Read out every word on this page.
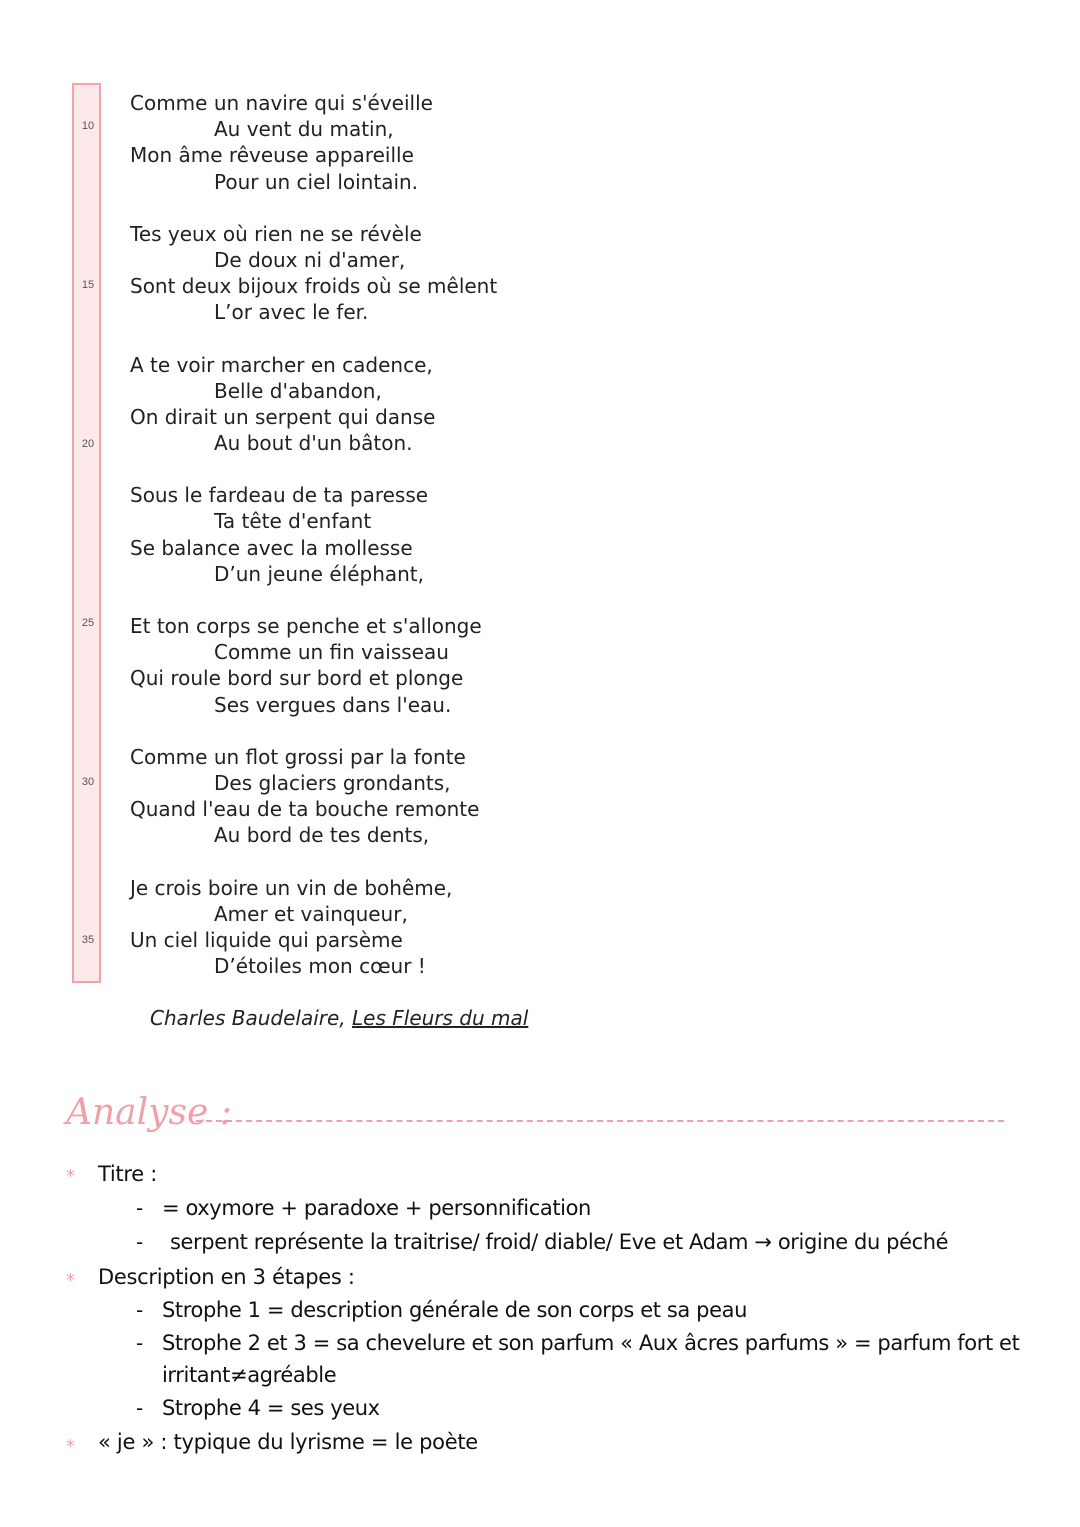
10
15
20
25
30
35
Comme un navire qui s'éveille
Au vent du matin,
Mon âme rêveuse appareille
Pour un ciel lointain.
Tes yeux où rien ne se révèle
De doux ni d'amer,
Sont deux bijoux froids où se mêlent
L’or avec le fer.
A te voir marcher en cadence,
Belle d'abandon,
On dirait un serpent qui danse
Au bout d'un bâton.
Sous le fardeau de ta paresse
Ta tête d'enfant
Se balance avec la mollesse
D’un jeune éléphant,
Et ton corps se penche et s'allonge
Comme un fin vaisseau
Qui roule bord sur bord et plonge
Ses vergues dans l'eau.
Comme un flot grossi par la fonte
Des glaciers grondants,
Quand l'eau de ta bouche remonte
Au bord de tes dents,
Je crois boire un vin de bohême,
Amer et vainqueur,
Un ciel liquide qui parsème
D’étoiles mon cœur !
Charles Baudelaire, Les Fleurs du mal
Analyse :
* Titre :
- = oxymore + paradoxe + personnification
- serpent représente la traitrise/ froid/ diable/ Eve et Adam → origine du péché
* Description en 3 étapes :
- Strophe 1 = description générale de son corps et sa peau
- Strophe 2 et 3 = sa chevelure et son parfum « Aux âcres parfums » = parfum fort et
irritant≠agréable
- Strophe 4 = ses yeux
* « je » : typique du lyrisme = le poète
